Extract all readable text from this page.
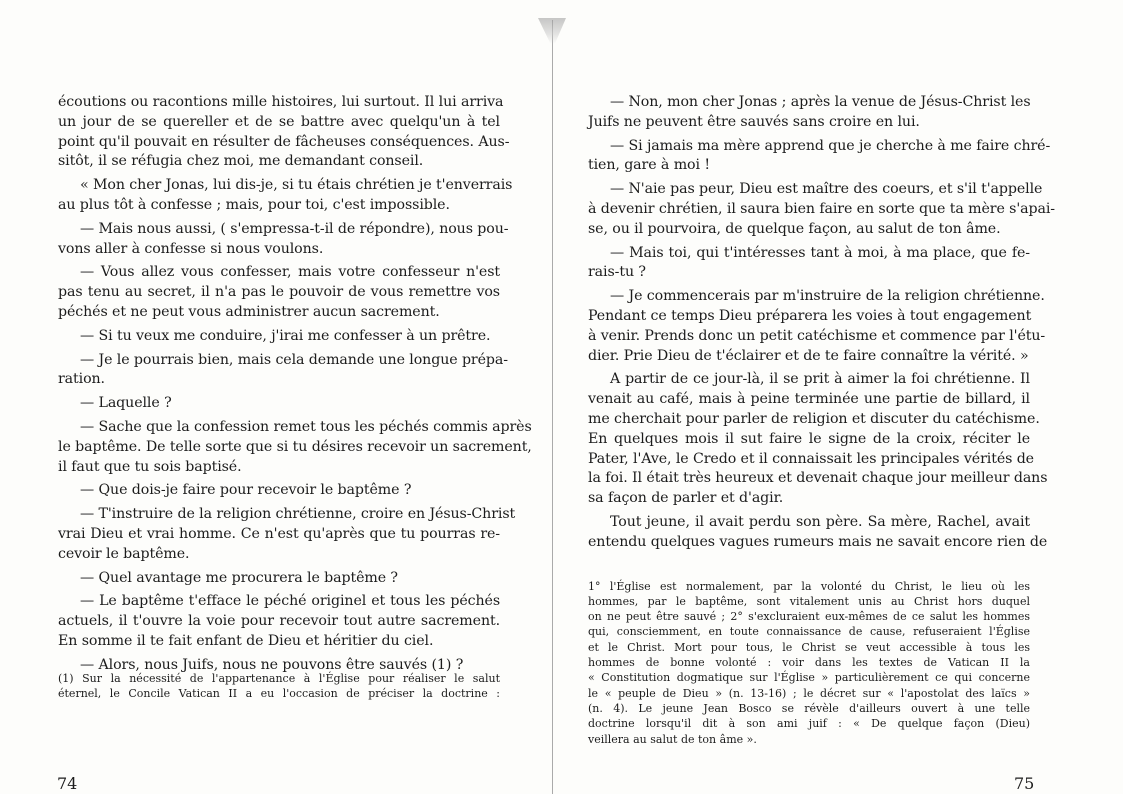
écoutions ou racontions mille histoires, lui surtout. Il lui arriva
un jour de se quereller et de se battre avec quelqu'un à tel
point qu'il pouvait en résulter de fâcheuses conséquences. Aus-
sitôt, il se réfugia chez moi, me demandant conseil.
« Mon cher Jonas, lui dis-je, si tu étais chrétien je t'enverrais
au plus tôt à confesse ; mais, pour toi, c'est impossible.
— Mais nous aussi, ( s'empressa-t-il de répondre), nous pou-
vons aller à confesse si nous voulons.
— Vous allez vous confesser, mais votre confesseur n'est
pas tenu au secret, il n'a pas le pouvoir de vous remettre vos
péchés et ne peut vous administrer aucun sacrement.
— Si tu veux me conduire, j'irai me confesser à un prêtre.
— Je le pourrais bien, mais cela demande une longue prépa-
ration.
— Laquelle ?
— Sache que la confession remet tous les péchés commis après
le baptême. De telle sorte que si tu désires recevoir un sacrement,
il faut que tu sois baptisé.
— Que dois-je faire pour recevoir le baptême ?
— T'instruire de la religion chrétienne, croire en Jésus-Christ
vrai Dieu et vrai homme. Ce n'est qu'après que tu pourras re-
cevoir le baptême.
— Quel avantage me procurera le baptême ?
— Le baptême t'efface le péché originel et tous les péchés
actuels, il t'ouvre la voie pour recevoir tout autre sacrement.
En somme il te fait enfant de Dieu et héritier du ciel.
— Alors, nous Juifs, nous ne pouvons être sauvés (1) ?
(1) Sur la nécessité de l'appartenance à l'Église pour réaliser le salut
éternel, le Concile Vatican II a eu l'occasion de préciser la doctrine :
— Non, mon cher Jonas ; après la venue de Jésus-Christ les
Juifs ne peuvent être sauvés sans croire en lui.
— Si jamais ma mère apprend que je cherche à me faire chré-
tien, gare à moi !
— N'aie pas peur, Dieu est maître des coeurs, et s'il t'appelle
à devenir chrétien, il saura bien faire en sorte que ta mère s'apai-
se, ou il pourvoira, de quelque façon, au salut de ton âme.
— Mais toi, qui t'intéresses tant à moi, à ma place, que fe-
rais-tu ?
— Je commencerais par m'instruire de la religion chrétienne.
Pendant ce temps Dieu préparera les voies à tout engagement
à venir. Prends donc un petit catéchisme et commence par l'étu-
dier. Prie Dieu de t'éclairer et de te faire connaître la vérité. »
A partir de ce jour-là, il se prit à aimer la foi chrétienne. Il
venait au café, mais à peine terminée une partie de billard, il
me cherchait pour parler de religion et discuter du catéchisme.
En quelques mois il sut faire le signe de la croix, réciter le
Pater, l'Ave, le Credo et il connaissait les principales vérités de
la foi. Il était très heureux et devenait chaque jour meilleur dans
sa façon de parler et d'agir.
Tout jeune, il avait perdu son père. Sa mère, Rachel, avait
entendu quelques vagues rumeurs mais ne savait encore rien de
1° l'Église est normalement, par la volonté du Christ, le lieu où les
hommes, par le baptême, sont vitalement unis au Christ hors duquel
on ne peut être sauvé ; 2° s'excluraient eux-mêmes de ce salut les hommes
qui, consciemment, en toute connaissance de cause, refuseraient l'Église
et le Christ. Mort pour tous, le Christ se veut accessible à tous les
hommes de bonne volonté : voir dans les textes de Vatican II la
« Constitution dogmatique sur l'Église » particulièrement ce qui concerne
le « peuple de Dieu » (n. 13-16) ; le décret sur « l'apostolat des laïcs »
(n. 4). Le jeune Jean Bosco se révèle d'ailleurs ouvert à une telle
doctrine lorsqu'il dit à son ami juif : « De quelque façon (Dieu)
veillera au salut de ton âme ».
74	75
